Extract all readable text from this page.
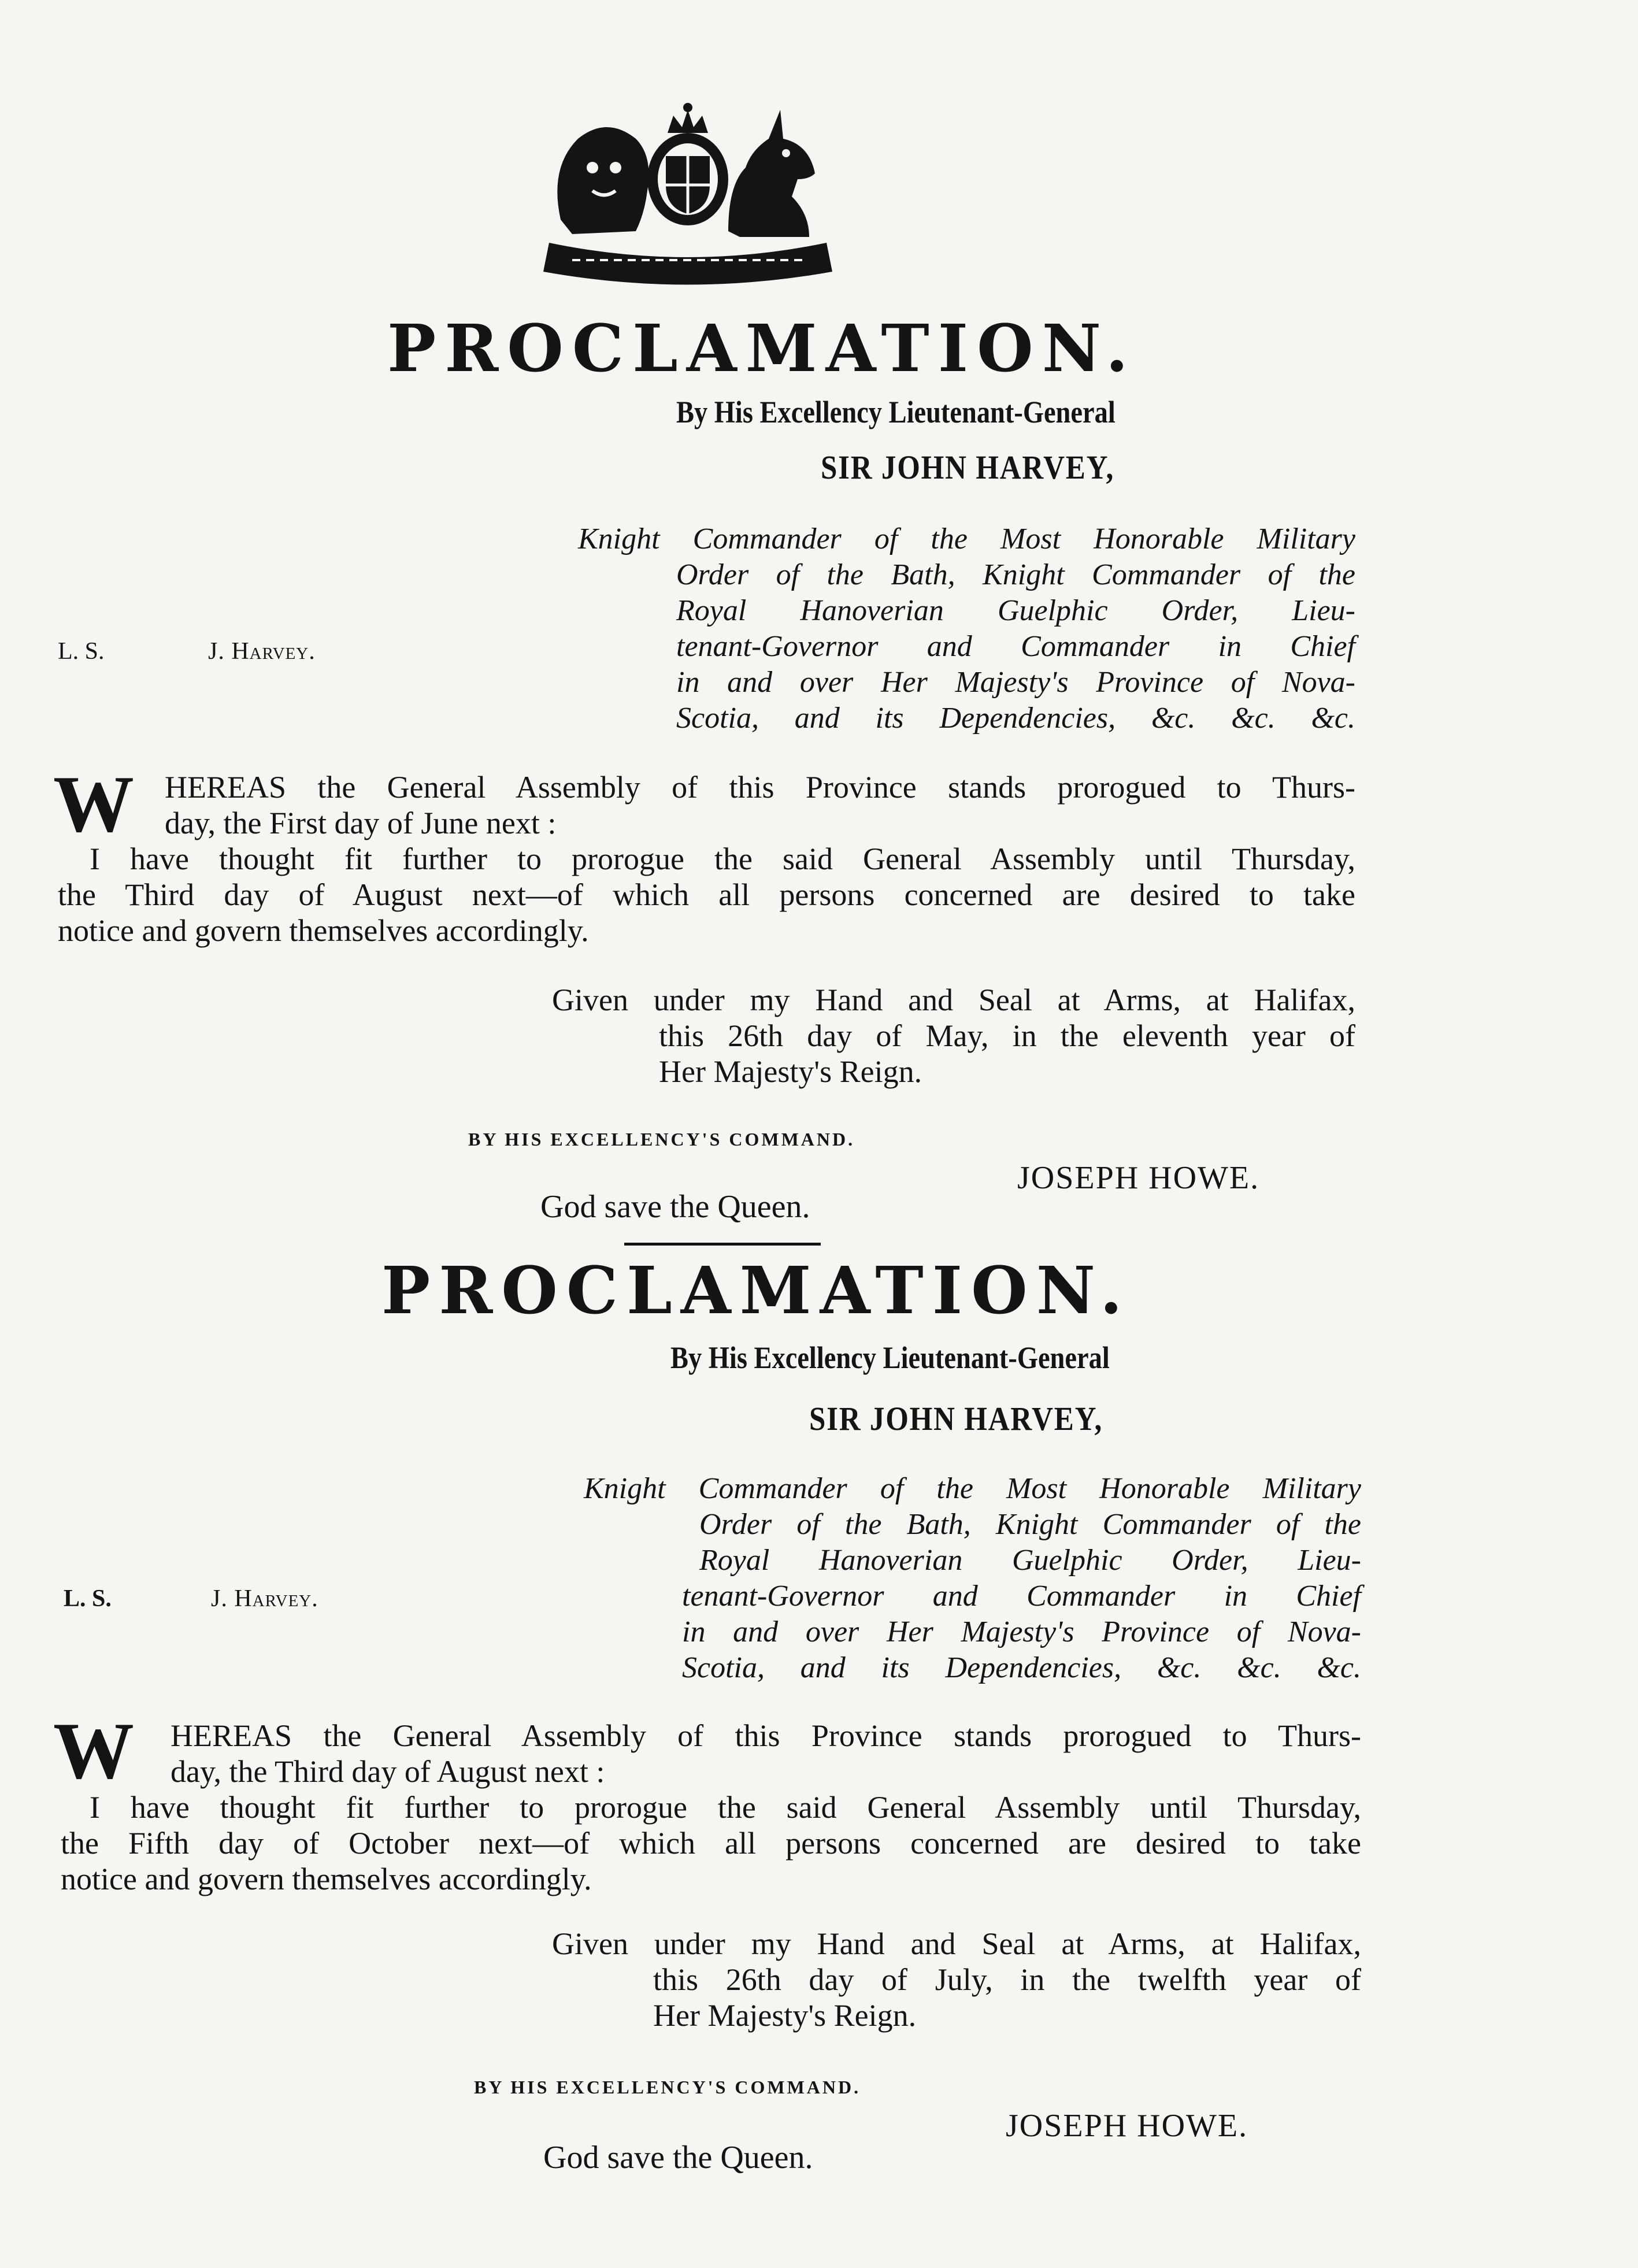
PROCLAMATION.

By His Excellency Lieutenant-General

SIR JOHN HARVEY,

Knight Commander of the Most Honorable Military

Order of the Bath, Knight Commander of the

Royal Hanoverian Guelphic Order, Lieu-

tenant-Governor and Commander in Chief

in and over Her Majesty's Province of Nova-

Scotia, and its Dependencies, &c. &c. &c.

L. S.	J. Harvey.

W HEREAS the General Assembly of this Province stands prorogued to Thurs-

day, the First day of June next :

I have thought fit further to prorogue the said General Assembly until Thursday,

the Third day of August next—of which all persons concerned are desired to take

notice and govern themselves accordingly.

Given under my Hand and Seal at Arms, at Halifax,

this 26th day of May, in the eleventh year of

Her Majesty's Reign.

BY HIS EXCELLENCY'S COMMAND.

JOSEPH HOWE.

God save the Queen.

PROCLAMATION.

By His Excellency Lieutenant-General

SIR JOHN HARVEY,

Knight Commander of the Most Honorable Military

Order of the Bath, Knight Commander of the

Royal Hanoverian Guelphic Order, Lieu-

tenant-Governor and Commander in Chief

in and over Her Majesty's Province of Nova-

Scotia, and its Dependencies, &c. &c. &c.

L. S.	J. Harvey.

W HEREAS the General Assembly of this Province stands prorogued to Thurs-

day, the Third day of August next :

I have thought fit further to prorogue the said General Assembly until Thursday,

the Fifth day of October next—of which all persons concerned are desired to take

notice and govern themselves accordingly.

Given under my Hand and Seal at Arms, at Halifax,

this 26th day of July, in the twelfth year of

Her Majesty's Reign.

BY HIS EXCELLENCY'S COMMAND.

JOSEPH HOWE.

God save the Queen.
